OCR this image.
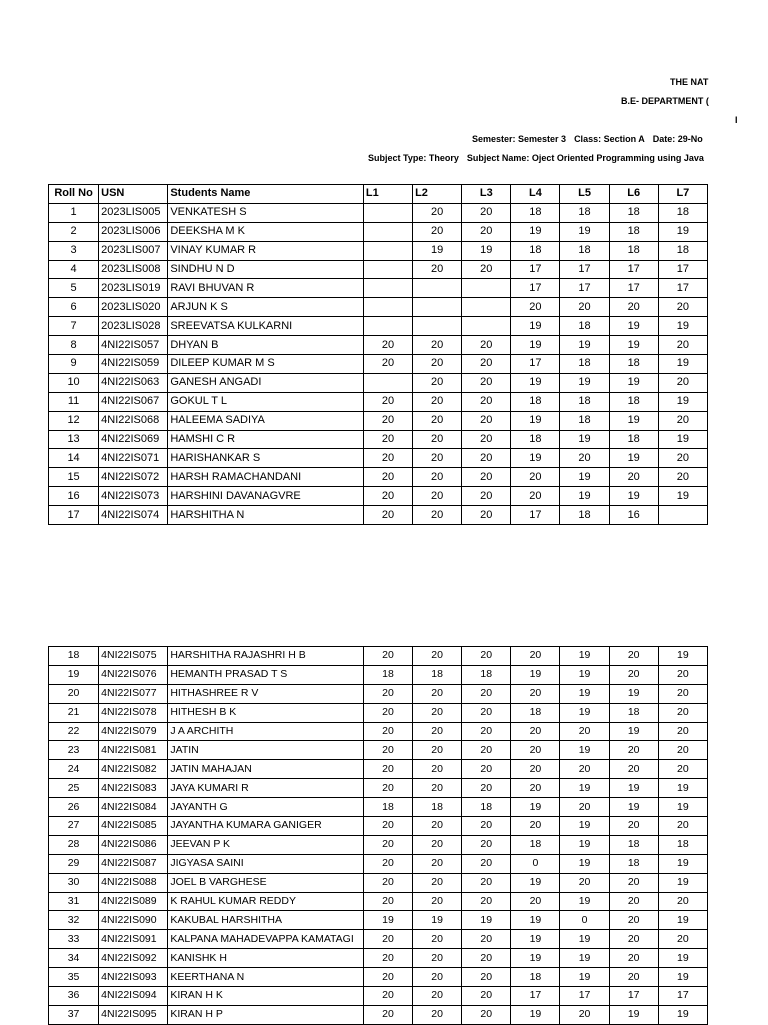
THE NAT
B.E- DEPARTMENT (
I
Semester: Semester 3 Class: Section A Date: 29-No
Subject Type: Theory Subject Name: Oject Oriented Programming using Java
Roll No	USN	Students Name	L1	L2	L3	L4	L5	L6	L7
1	2023LIS005	VENKATESH S		20	20	18	18	18	18
2	2023LIS006	DEEKSHA M K		20	20	19	19	18	19
3	2023LIS007	VINAY KUMAR R		19	19	18	18	18	18
4	2023LIS008	SINDHU N D		20	20	17	17	17	17
5	2023LIS019	RAVI BHUVAN R				17	17	17	17
6	2023LIS020	ARJUN K S				20	20	20	20
7	2023LIS028	SREEVATSA KULKARNI				19	18	19	19
8	4NI22IS057	DHYAN B	20	20	20	19	19	19	20
9	4NI22IS059	DILEEP KUMAR M S	20	20	20	17	18	18	19
10	4NI22IS063	GANESH ANGADI		20	20	19	19	19	20
11	4NI22IS067	GOKUL T L	20	20	20	18	18	18	19
12	4NI22IS068	HALEEMA SADIYA	20	20	20	19	18	19	20
13	4NI22IS069	HAMSHI C R	20	20	20	18	19	18	19
14	4NI22IS071	HARISHANKAR S	20	20	20	19	20	19	20
15	4NI22IS072	HARSH RAMACHANDANI	20	20	20	20	19	20	20
16	4NI22IS073	HARSHINI DAVANAGVRE	20	20	20	20	19	19	19
17	4NI22IS074	HARSHITHA N	20	20	20	17	18	16	
18	4NI22IS075	HARSHITHA RAJASHRI H B	20	20	20	20	19	20	19
19	4NI22IS076	HEMANTH PRASAD T S	18	18	18	19	19	20	20
20	4NI22IS077	HITHASHREE R V	20	20	20	20	19	19	20
21	4NI22IS078	HITHESH B K	20	20	20	18	19	18	20
22	4NI22IS079	J A ARCHITH	20	20	20	20	20	19	20
23	4NI22IS081	JATIN	20	20	20	20	19	20	20
24	4NI22IS082	JATIN MAHAJAN	20	20	20	20	20	20	20
25	4NI22IS083	JAYA KUMARI R	20	20	20	20	19	19	19
26	4NI22IS084	JAYANTH G	18	18	18	19	20	19	19
27	4NI22IS085	JAYANTHA KUMARA GANIGER	20	20	20	20	19	20	20
28	4NI22IS086	JEEVAN P K	20	20	20	18	19	18	18
29	4NI22IS087	JIGYASA SAINI	20	20	20	0	19	18	19
30	4NI22IS088	JOEL B VARGHESE	20	20	20	19	20	20	19
31	4NI22IS089	K RAHUL KUMAR REDDY	20	20	20	20	19	20	20
32	4NI22IS090	KAKUBAL HARSHITHA	19	19	19	19	0	20	19
33	4NI22IS091	KALPANA MAHADEVAPPA KAMATAGI	20	20	20	19	19	20	20
34	4NI22IS092	KANISHK H	20	20	20	19	19	20	19
35	4NI22IS093	KEERTHANA N	20	20	20	18	19	20	19
36	4NI22IS094	KIRAN H K	20	20	20	17	17	17	17
37	4NI22IS095	KIRAN H P	20	20	20	19	20	19	19
